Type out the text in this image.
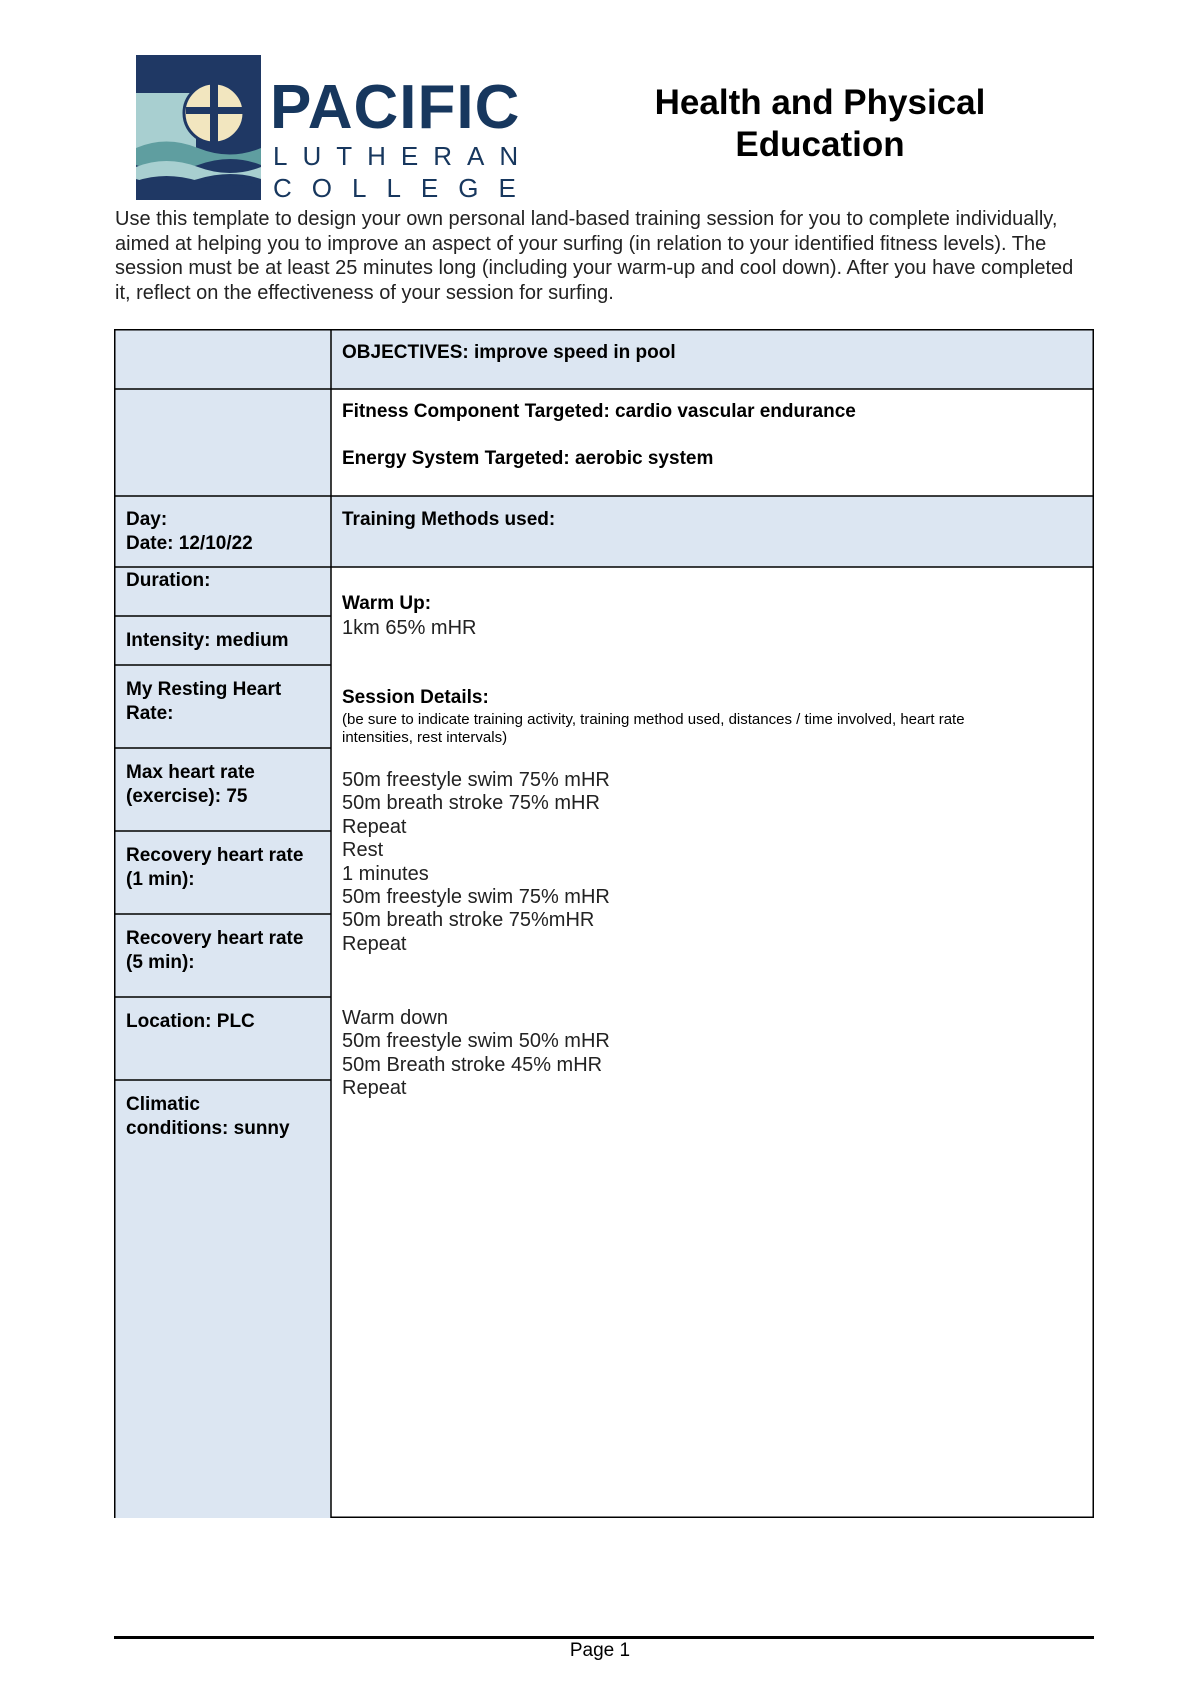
PACIFIC
LUTHERAN
COLLEGE
Health and Physical Education
Use this template to design your own personal land-based training session for you to complete individually, aimed at helping you to improve an aspect of your surfing (in relation to your identified fitness levels). The session must be at least 25 minutes long (including your warm-up and cool down). After you have completed it, reflect on the effectiveness of your session for surfing.
OBJECTIVES: improve speed in pool
Fitness Component Targeted: cardio vascular endurance
Energy System Targeted: aerobic system
Day:
Date: 12/10/22
Training Methods used:
Duration:
Intensity: medium
My Resting Heart
Rate:
Max heart rate
(exercise): 75
Recovery heart rate
(1 min):
Recovery heart rate
(5 min):
Location: PLC
Climatic
conditions: sunny
Warm Up:
1km 65% mHR
Session Details:
(be sure to indicate training activity, training method used, distances / time involved, heart rate
intensities, rest intervals)
50m freestyle swim 75% mHR
50m breath stroke 75% mHR
Repeat
Rest
1 minutes
50m freestyle swim 75% mHR
50m breath stroke 75%mHR
Repeat
Warm down
50m freestyle swim 50% mHR
50m Breath stroke 45% mHR
Repeat
Page 1
